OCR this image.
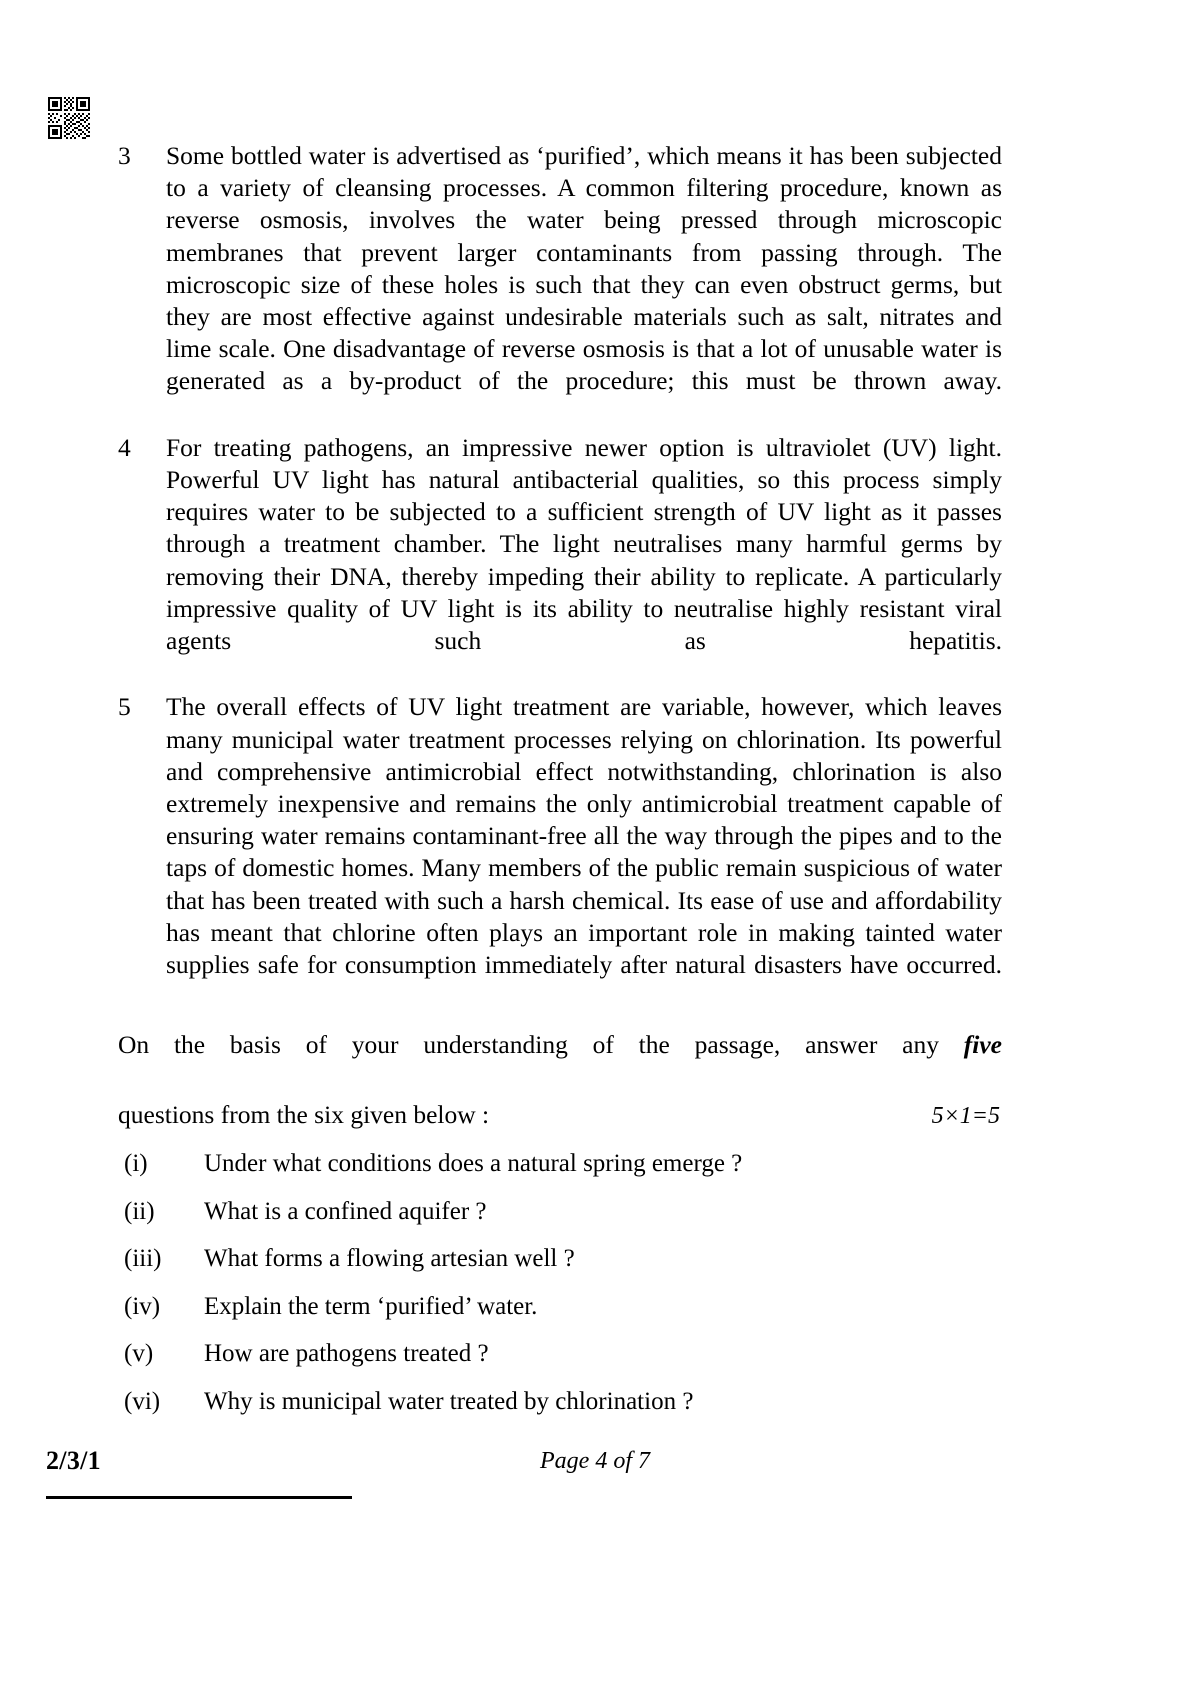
3	Some bottled water is advertised as ‘purified’, which means it has been subjected to a variety of cleansing processes. A common filtering procedure, known as reverse osmosis, involves the water being pressed through microscopic membranes that prevent larger contaminants from passing through. The microscopic size of these holes is such that they can even obstruct germs, but they are most effective against undesirable materials such as salt, nitrates and lime scale. One disadvantage of reverse osmosis is that a lot of unusable water is generated as a by-product of the procedure; this must be thrown away.
4	For treating pathogens, an impressive newer option is ultraviolet (UV) light. Powerful UV light has natural antibacterial qualities, so this process simply requires water to be subjected to a sufficient strength of UV light as it passes through a treatment chamber. The light neutralises many harmful germs by removing their DNA, thereby impeding their ability to replicate. A particularly impressive quality of UV light is its ability to neutralise highly resistant viral agents such as hepatitis.
5	The overall effects of UV light treatment are variable, however, which leaves many municipal water treatment processes relying on chlorination. Its powerful and comprehensive antimicrobial effect notwithstanding, chlorination is also extremely inexpensive and remains the only antimicrobial treatment capable of ensuring water remains contaminant-free all the way through the pipes and to the taps of domestic homes. Many members of the public remain suspicious of water that has been treated with such a harsh chemical. Its ease of use and affordability has meant that chlorine often plays an important role in making tainted water supplies safe for consumption immediately after natural disasters have occurred.
On the basis of your understanding of the passage, answer any five
questions from the six given below :	5×1=5
(i)	Under what conditions does a natural spring emerge ?
(ii)	What is a confined aquifer ?
(iii)	What forms a flowing artesian well ?
(iv)	Explain the term ‘purified’ water.
(v)	How are pathogens treated ?
(vi)	Why is municipal water treated by chlorination ?
2/3/1	Page 4 of 7
